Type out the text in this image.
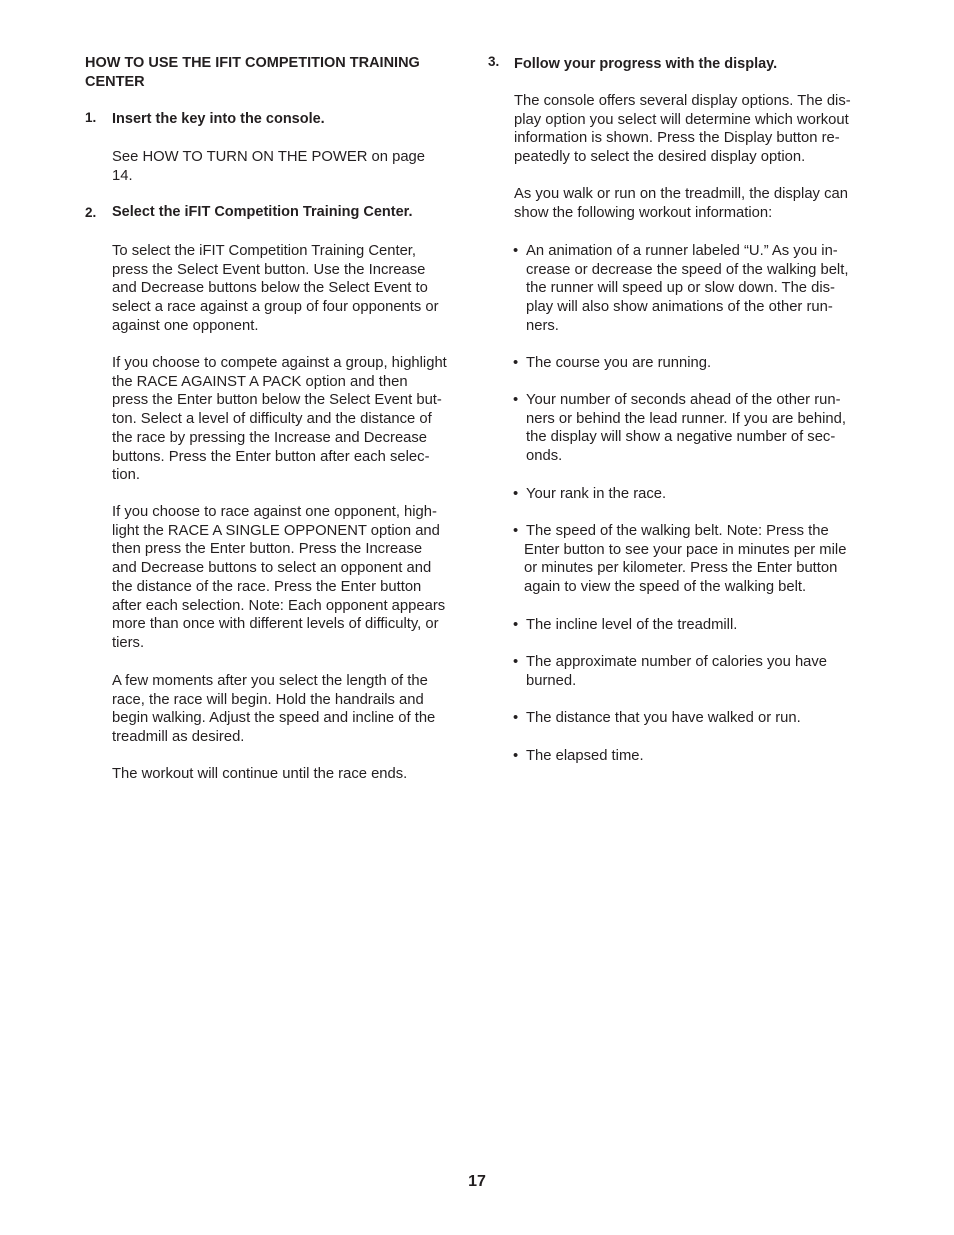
HOW TO USE THE IFIT COMPETITION TRAINING
CENTER
1. Insert the key into the console.

See HOW TO TURN ON THE POWER on page
14.

2. Select the iFIT Competition Training Center.

To select the iFIT Competition Training Center,
press the Select Event button. Use the Increase
and Decrease buttons below the Select Event to
select a race against a group of four opponents or
against one opponent.

If you choose to compete against a group, highlight
the RACE AGAINST A PACK option and then
press the Enter button below the Select Event but-
ton. Select a level of difficulty and the distance of
the race by pressing the Increase and Decrease
buttons. Press the Enter button after each selec-
tion.

If you choose to race against one opponent, high-
light the RACE A SINGLE OPPONENT option and
then press the Enter button. Press the Increase
and Decrease buttons to select an opponent and
the distance of the race. Press the Enter button
after each selection. Note: Each opponent appears
more than once with different levels of difficulty, or
tiers.

A few moments after you select the length of the
race, the race will begin. Hold the handrails and
begin walking. Adjust the speed and incline of the
treadmill as desired.

The workout will continue until the race ends.

3. Follow your progress with the display.

The console offers several display options. The dis-
play option you select will determine which workout
information is shown. Press the Display button re-
peatedly to select the desired display option.

As you walk or run on the treadmill, the display can
show the following workout information:

• An animation of a runner labeled “U.” As you in-
crease or decrease the speed of the walking belt,
the runner will speed up or slow down. The dis-
play will also show animations of the other run-
ners.
• The course you are running.
• Your number of seconds ahead of the other run-
ners or behind the lead runner. If you are behind,
the display will show a negative number of sec-
onds.
• Your rank in the race.
• The speed of the walking belt. Note: Press the
Enter button to see your pace in minutes per mile
or minutes per kilometer. Press the Enter button
again to view the speed of the walking belt.
• The incline level of the treadmill.
• The approximate number of calories you have
burned.
• The distance that you have walked or run.
• The elapsed time.
17
